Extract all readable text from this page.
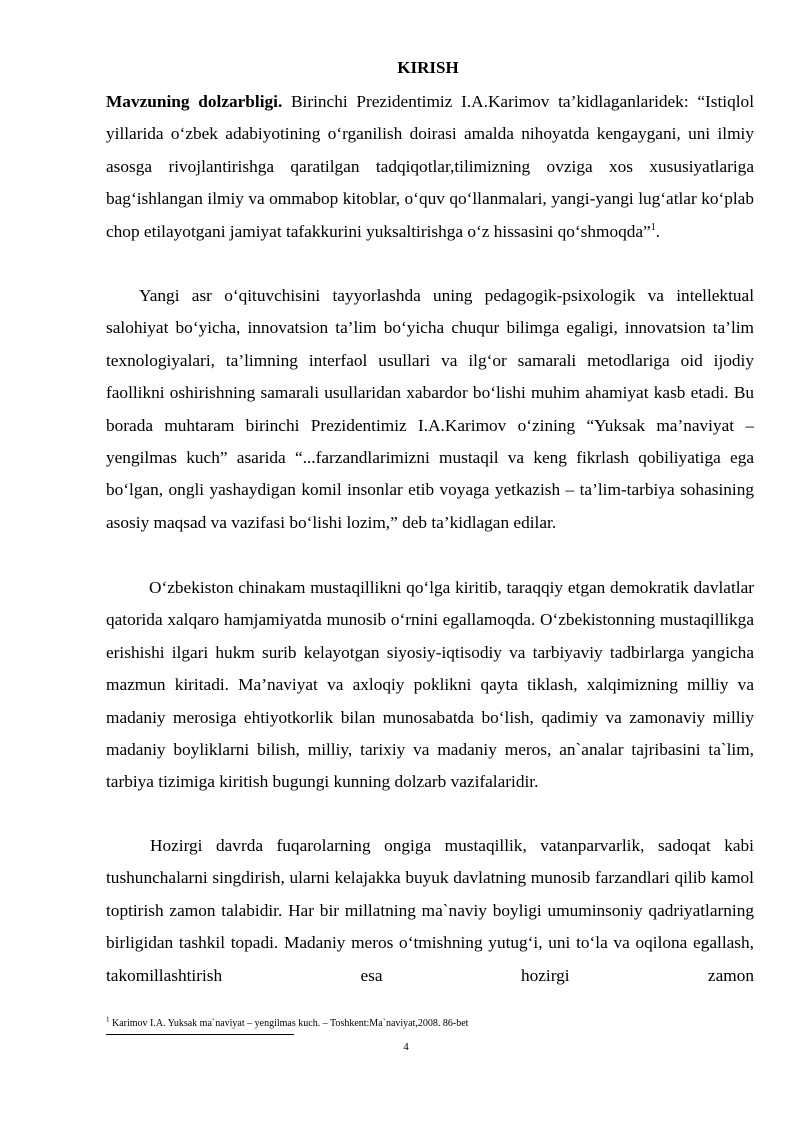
KIRISH

Mavzuning dolzarbligi. Birinchi Prezidentimiz I.A.Karimov ta’kidlaganlaridek: “Istiqlol yillarida o‘zbek adabiyotining o‘rganilish doirasi amalda nihoyatda kengaygani, uni ilmiy asosga rivojlantirishga qaratilgan tadqiqotlar,tilimizning ovziga xos xususiyatlariga bag‘ishlangan ilmiy va ommabop kitoblar, o‘quv qo‘llanmalari, yangi-yangi lug‘atlar ko‘plab chop etilayotgani jamiyat tafakkurini yuksaltirishga o‘z hissasini qo‘shmoqda”$^1$.

Yangi asr o‘qituvchisini tayyorlashda uning pedagogik-psixologik va intellektual salohiyat bo‘yicha, innovatsion ta’lim bo‘yicha chuqur bilimga egaligi, innovatsion ta’lim texnologiyalari, ta’limning interfaol usullari va ilg‘or samarali metodlariga oid ijodiy faollikni oshirishning samarali usullaridan xabardor bo‘lishi muhim ahamiyat kasb etadi. Bu borada muhtaram birinchi Prezidentimiz I.A.Karimov o‘zining “Yuksak ma’naviyat – yengilmas kuch” asarida “...farzandlarimizni mustaqil va keng fikrlash qobiliyatiga ega bo‘lgan, ongli yashaydigan komil insonlar etib voyaga yetkazish – ta’lim-tarbiya sohasining asosiy maqsad va vazifasi bo‘lishi lozim,” deb ta’kidlagan edilar.

O‘zbekiston chinakam mustaqillikni qo‘lga kiritib, taraqqiy etgan demokratik davlatlar qatorida xalqaro hamjamiyatda munosib o‘rnini egallamoqda. O‘zbekistonning mustaqillikga erishishi ilgari hukm surib kelayotgan siyosiy-iqtisodiy va tarbiyaviy tadbirlarga yangicha mazmun kiritadi. Ma’naviyat va axloqiy poklikni qayta tiklash, xalqimizning milliy va madaniy merosiga ehtiyotkorlik bilan munosabatda bo‘lish, qadimiy va zamonaviy milliy madaniy boyliklarni bilish, milliy, tarixiy va madaniy meros, an`analar tajribasini ta`lim, tarbiya tizimiga kiritish bugungi kunning dolzarb vazifalaridir.

Hozirgi davrda fuqarolarning ongiga mustaqillik, vatanparvarlik, sadoqat kabi tushunchalarni singdirish, ularni kelajakka buyuk davlatning munosib farzandlari qilib kamol toptirish zamon talabidir. Har bir millatning ma`naviy boyligi umuminsoniy qadriyatlarning birligidan tashkil topadi. Madaniy meros o‘tmishning yutug‘i, uni to‘la va oqilona egallash, takomillashtirish esa hozirgi zamon

$^1$ Karimov I.A. Yuksak ma`naviyat – yengilmas kuch. – Toshkent:Ma`naviyat,2008. 86-bet
4
